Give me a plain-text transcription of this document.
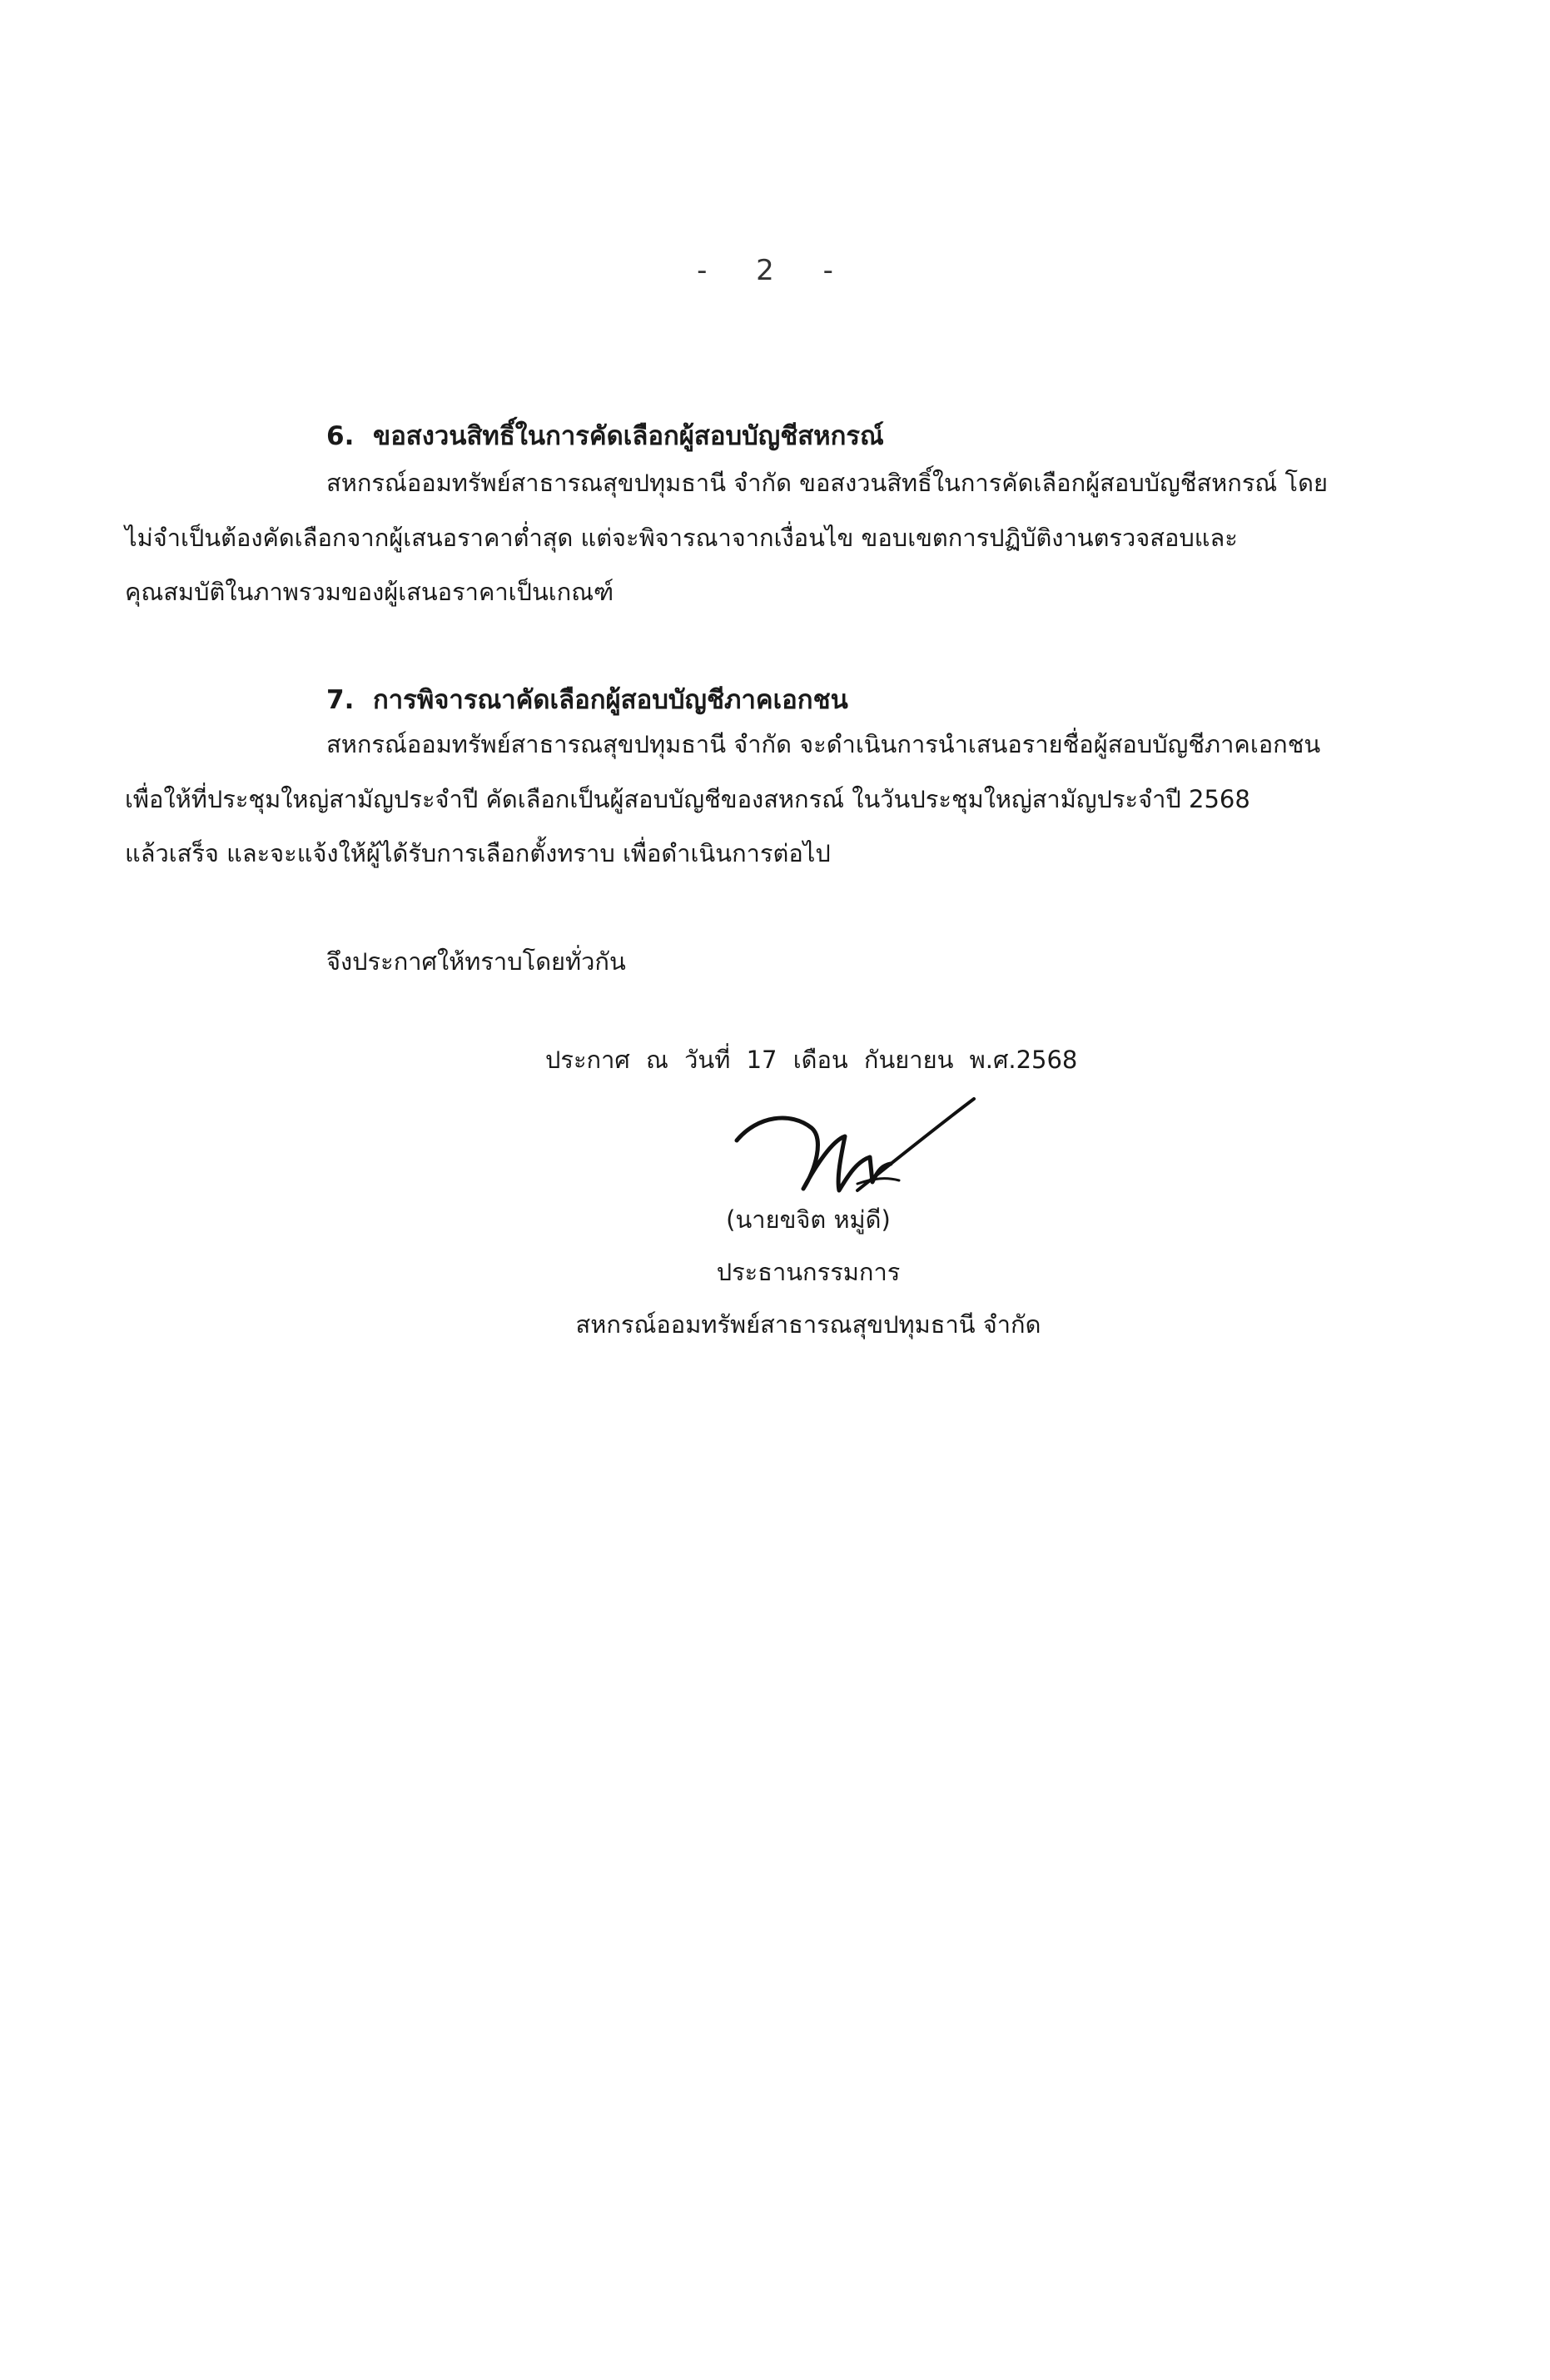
- 2 -
6. ขอสงวนสิทธิ์ในการคัดเลือกผู้สอบบัญชีสหกรณ์
สหกรณ์ออมทรัพย์สาธารณสุขปทุมธานี จำกัด ขอสงวนสิทธิ์ในการคัดเลือกผู้สอบบัญชีสหกรณ์ โดย
ไม่จำเป็นต้องคัดเลือกจากผู้เสนอราคาต่ำสุด แต่จะพิจารณาจากเงื่อนไข ขอบเขตการปฏิบัติงานตรวจสอบและ
คุณสมบัติในภาพรวมของผู้เสนอราคาเป็นเกณฑ์
7. การพิจารณาคัดเลือกผู้สอบบัญชีภาคเอกชน
สหกรณ์ออมทรัพย์สาธารณสุขปทุมธานี จำกัด จะดำเนินการนำเสนอรายชื่อผู้สอบบัญชีภาคเอกชน
เพื่อให้ที่ประชุมใหญ่สามัญประจำปี คัดเลือกเป็นผู้สอบบัญชีของสหกรณ์ ในวันประชุมใหญ่สามัญประจำปี 2568
แล้วเสร็จ และจะแจ้งให้ผู้ได้รับการเลือกตั้งทราบ เพื่อดำเนินการต่อไป
จึงประกาศให้ทราบโดยทั่วกัน
ประกาศ ณ วันที่ 17 เดือน กันยายน พ.ศ.2568
(นายขจิต หมู่ดี)
ประธานกรรมการ
สหกรณ์ออมทรัพย์สาธารณสุขปทุมธานี จำกัด
